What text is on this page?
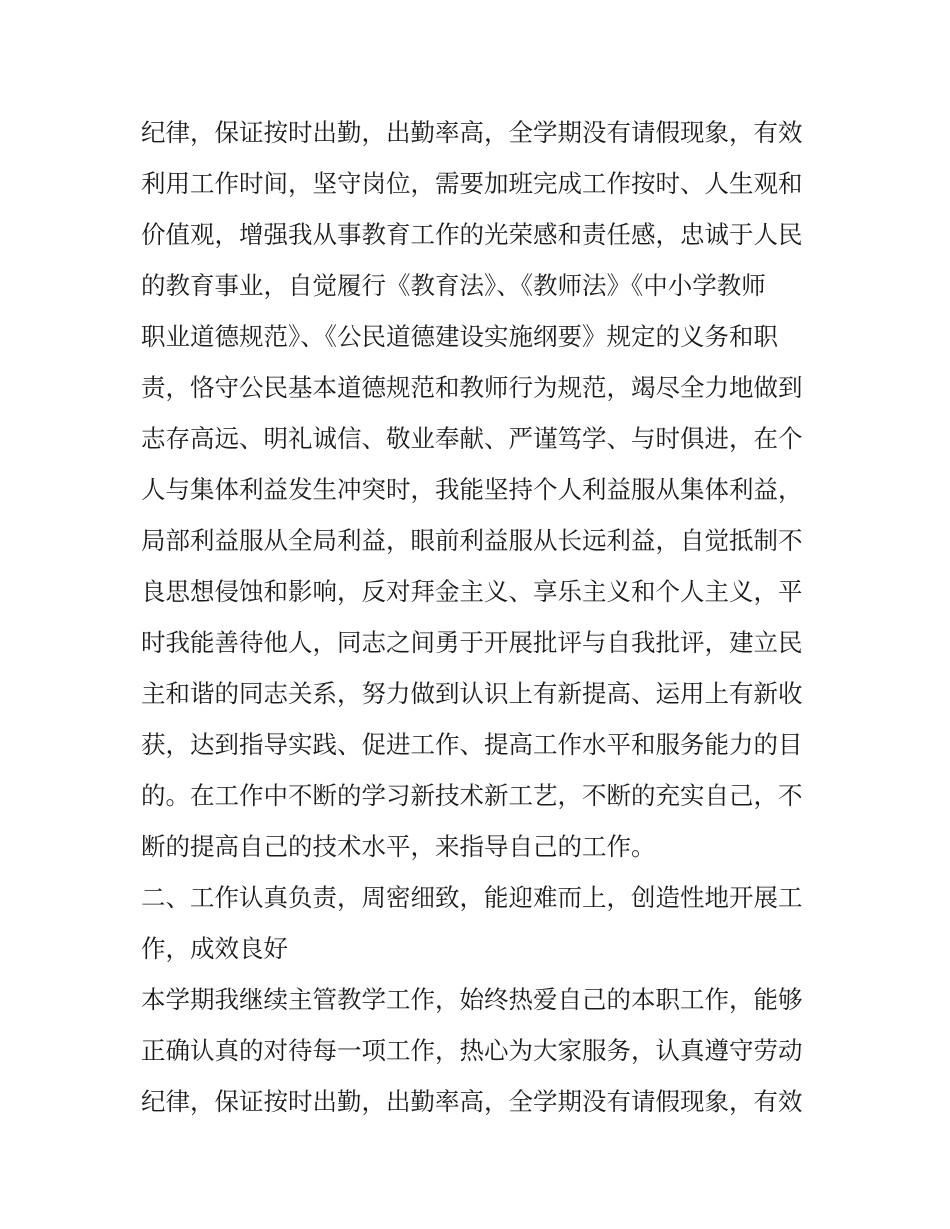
纪律，保证按时出勤，出勤率高，全学期没有请假现象，有效
利用工作时间，坚守岗位，需要加班完成工作按时、人生观和
价值观，增强我从事教育工作的光荣感和责任感，忠诚于人民
的教育事业，自觉履行《教育法》、《教师法》《中小学教师
职业道德规范》、《公民道德建设实施纲要》规定的义务和职
责，恪守公民基本道德规范和教师行为规范，竭尽全力地做到
志存高远、明礼诚信、敬业奉献、严谨笃学、与时俱进，在个
人与集体利益发生冲突时，我能坚持个人利益服从集体利益，
局部利益服从全局利益，眼前利益服从长远利益，自觉抵制不
良思想侵蚀和影响，反对拜金主义、享乐主义和个人主义，平
时我能善待他人，同志之间勇于开展批评与自我批评，建立民
主和谐的同志关系，努力做到认识上有新提高、运用上有新收
获，达到指导实践、促进工作、提高工作水平和服务能力的目
的。在工作中不断的学习新技术新工艺，不断的充实自己，不
断的提高自己的技术水平，来指导自己的工作。
二、工作认真负责，周密细致，能迎难而上，创造性地开展工
作，成效良好
本学期我继续主管教学工作，始终热爱自己的本职工作，能够
正确认真的对待每一项工作，热心为大家服务，认真遵守劳动
纪律，保证按时出勤，出勤率高，全学期没有请假现象，有效
